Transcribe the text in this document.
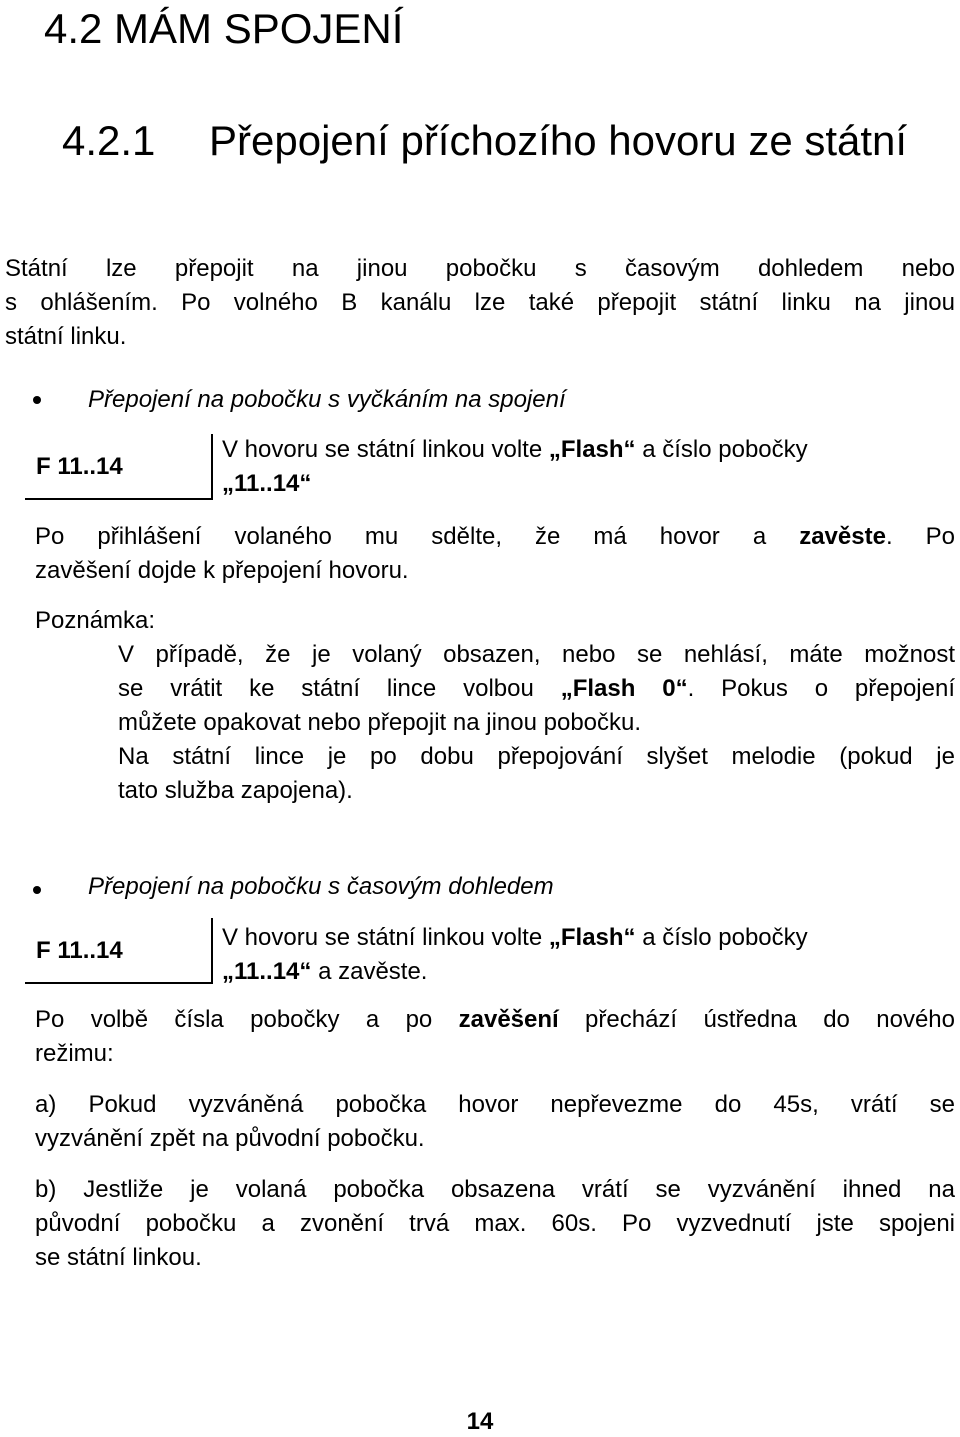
4.2 MÁM SPOJENÍ
4.2.1 Přepojení příchozího hovoru ze státní
Státní lze přepojit na jinou pobočku s časovým dohledem nebo
s ohlášením. Po volného B kanálu lze také přepojit státní linku na jinou
státní linku.
Přepojení na pobočku s vyčkáním na spojení
F 11..14
V hovoru se státní linkou volte „Flash“ a číslo pobočky
„11..14“
Po přihlášení volaného mu sdělte, že má hovor a zavěste. Po
zavěšení dojde k přepojení hovoru.
Poznámka:
V případě, že je volaný obsazen, nebo se nehlásí, máte možnost
se vrátit ke státní lince volbou „Flash 0“. Pokus o přepojení
můžete opakovat nebo přepojit na jinou pobočku.
Na státní lince je po dobu přepojování slyšet melodie (pokud je
tato služba zapojena).
Přepojení na pobočku s časovým dohledem
F 11..14	V hovoru se státní linkou volte „Flash“ a číslo pobočky
„11..14“ a zavěste.
Po volbě čísla pobočky a po zavěšení přechází ústředna do nového
režimu:
a) Pokud vyzváněná pobočka hovor nepřevezme do 45s, vrátí se
vyzvánění zpět na původní pobočku.
b) Jestliže je volaná pobočka obsazena vrátí se vyzvánění ihned na
původní pobočku a zvonění trvá max. 60s. Po vyzvednutí jste spojeni
se státní linkou.
14
